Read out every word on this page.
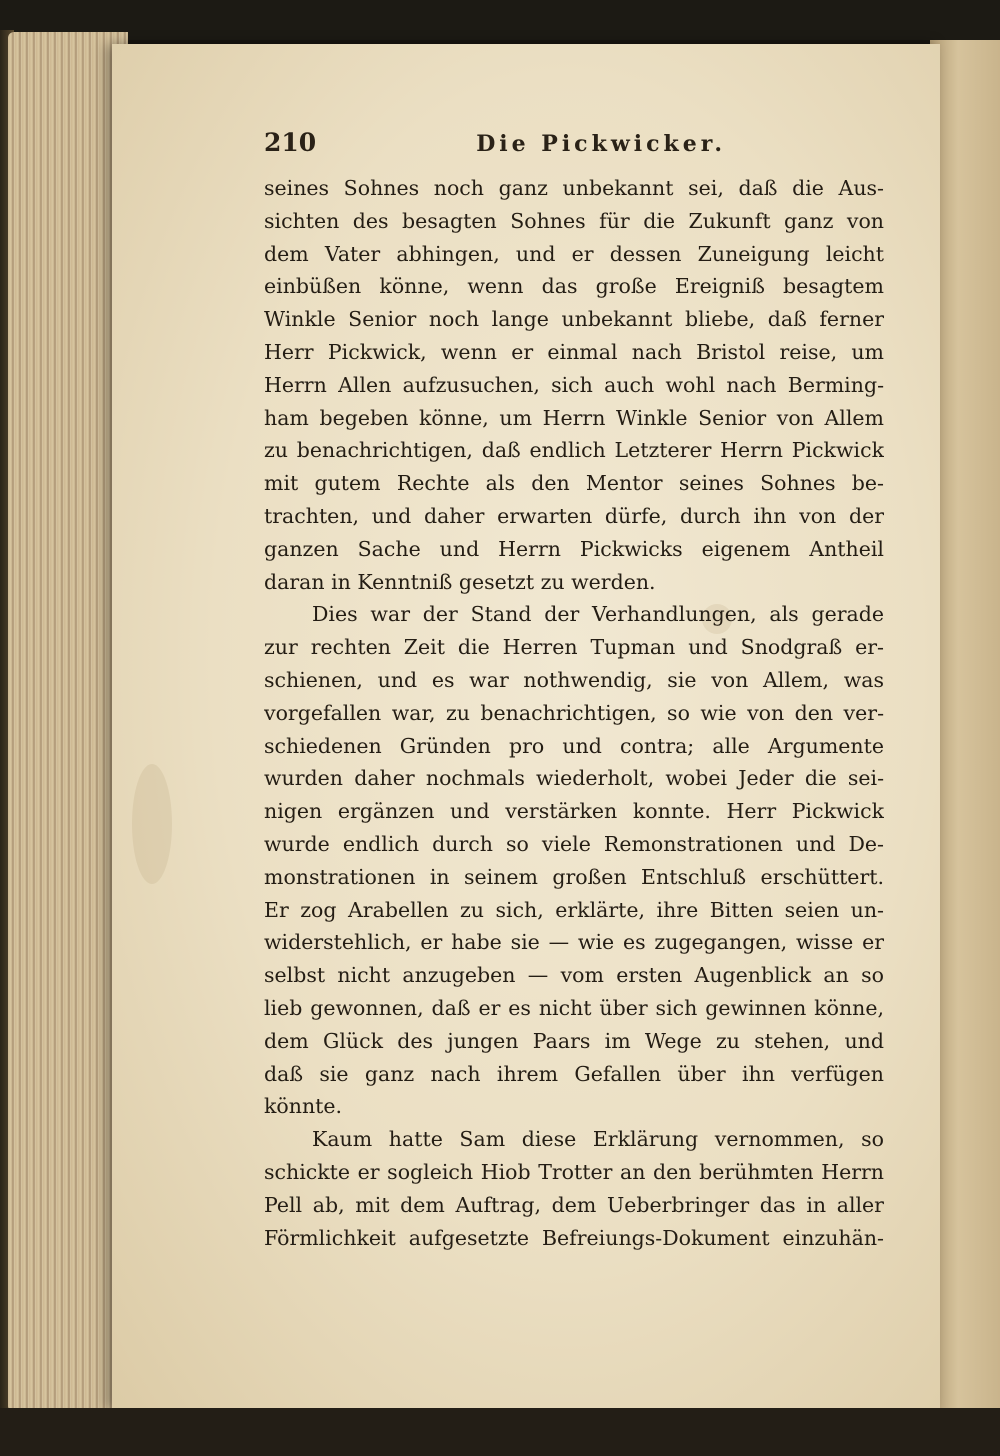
210	Die Pickwicker.
seines Sohnes noch ganz unbekannt sei, daß die Aus-
sichten des besagten Sohnes für die Zukunft ganz von
dem Vater abhingen, und er dessen Zuneigung leicht
einbüßen könne, wenn das große Ereigniß besagtem
Winkle Senior noch lange unbekannt bliebe, daß ferner
Herr Pickwick, wenn er einmal nach Bristol reise, um
Herrn Allen aufzusuchen, sich auch wohl nach Berming-
ham begeben könne, um Herrn Winkle Senior von Allem
zu benachrichtigen, daß endlich Letzterer Herrn Pickwick
mit gutem Rechte als den Mentor seines Sohnes be-
trachten, und daher erwarten dürfe, durch ihn von der
ganzen Sache und Herrn Pickwicks eigenem Antheil
daran in Kenntniß gesetzt zu werden.
Dies war der Stand der Verhandlungen, als gerade
zur rechten Zeit die Herren Tupman und Snodgraß er-
schienen, und es war nothwendig, sie von Allem, was
vorgefallen war, zu benachrichtigen, so wie von den ver-
schiedenen Gründen pro und contra; alle Argumente
wurden daher nochmals wiederholt, wobei Jeder die sei-
nigen ergänzen und verstärken konnte. Herr Pickwick
wurde endlich durch so viele Remonstrationen und De-
monstrationen in seinem großen Entschluß erschüttert.
Er zog Arabellen zu sich, erklärte, ihre Bitten seien un-
widerstehlich, er habe sie — wie es zugegangen, wisse er
selbst nicht anzugeben — vom ersten Augenblick an so
lieb gewonnen, daß er es nicht über sich gewinnen könne,
dem Glück des jungen Paars im Wege zu stehen, und
daß sie ganz nach ihrem Gefallen über ihn verfügen
könnte.
Kaum hatte Sam diese Erklärung vernommen, so
schickte er sogleich Hiob Trotter an den berühmten Herrn
Pell ab, mit dem Auftrag, dem Ueberbringer das in aller
Förmlichkeit aufgesetzte Befreiungs-Dokument einzuhän-
